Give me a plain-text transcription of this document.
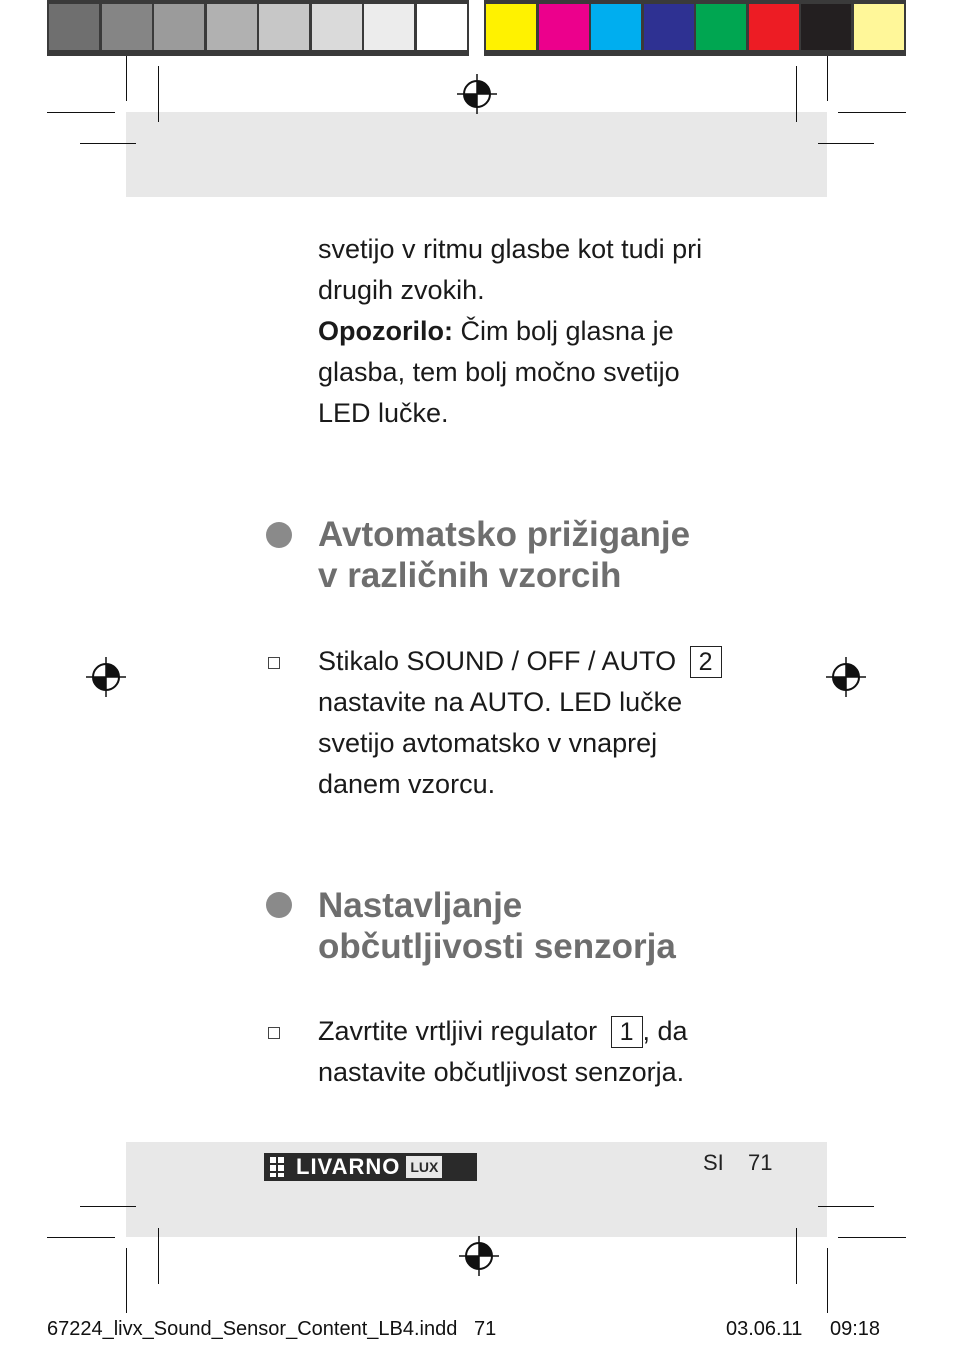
svetijo v ritmu glasbe kot tudi pri
drugih zvokih.
Opozorilo: Čim bolj glasna je
glasba, tem bolj močno svetijo
LED lučke.
Avtomatsko prižiganje
v različnih vzorcih
Stikalo SOUND / OFF / AUTO 2
nastavite na AUTO. LED lučke
svetijo avtomatsko v vnaprej
danem vzorcu.
Nastavljanje
občutljivosti senzorja
Zavrtite vrtljivi regulator 1 , da
nastavite občutljivost senzorja.
LIVARNO LUX	SI 71
67224_livx_Sound_Sensor_Content_LB4.indd   71	03.06.11 09:18
